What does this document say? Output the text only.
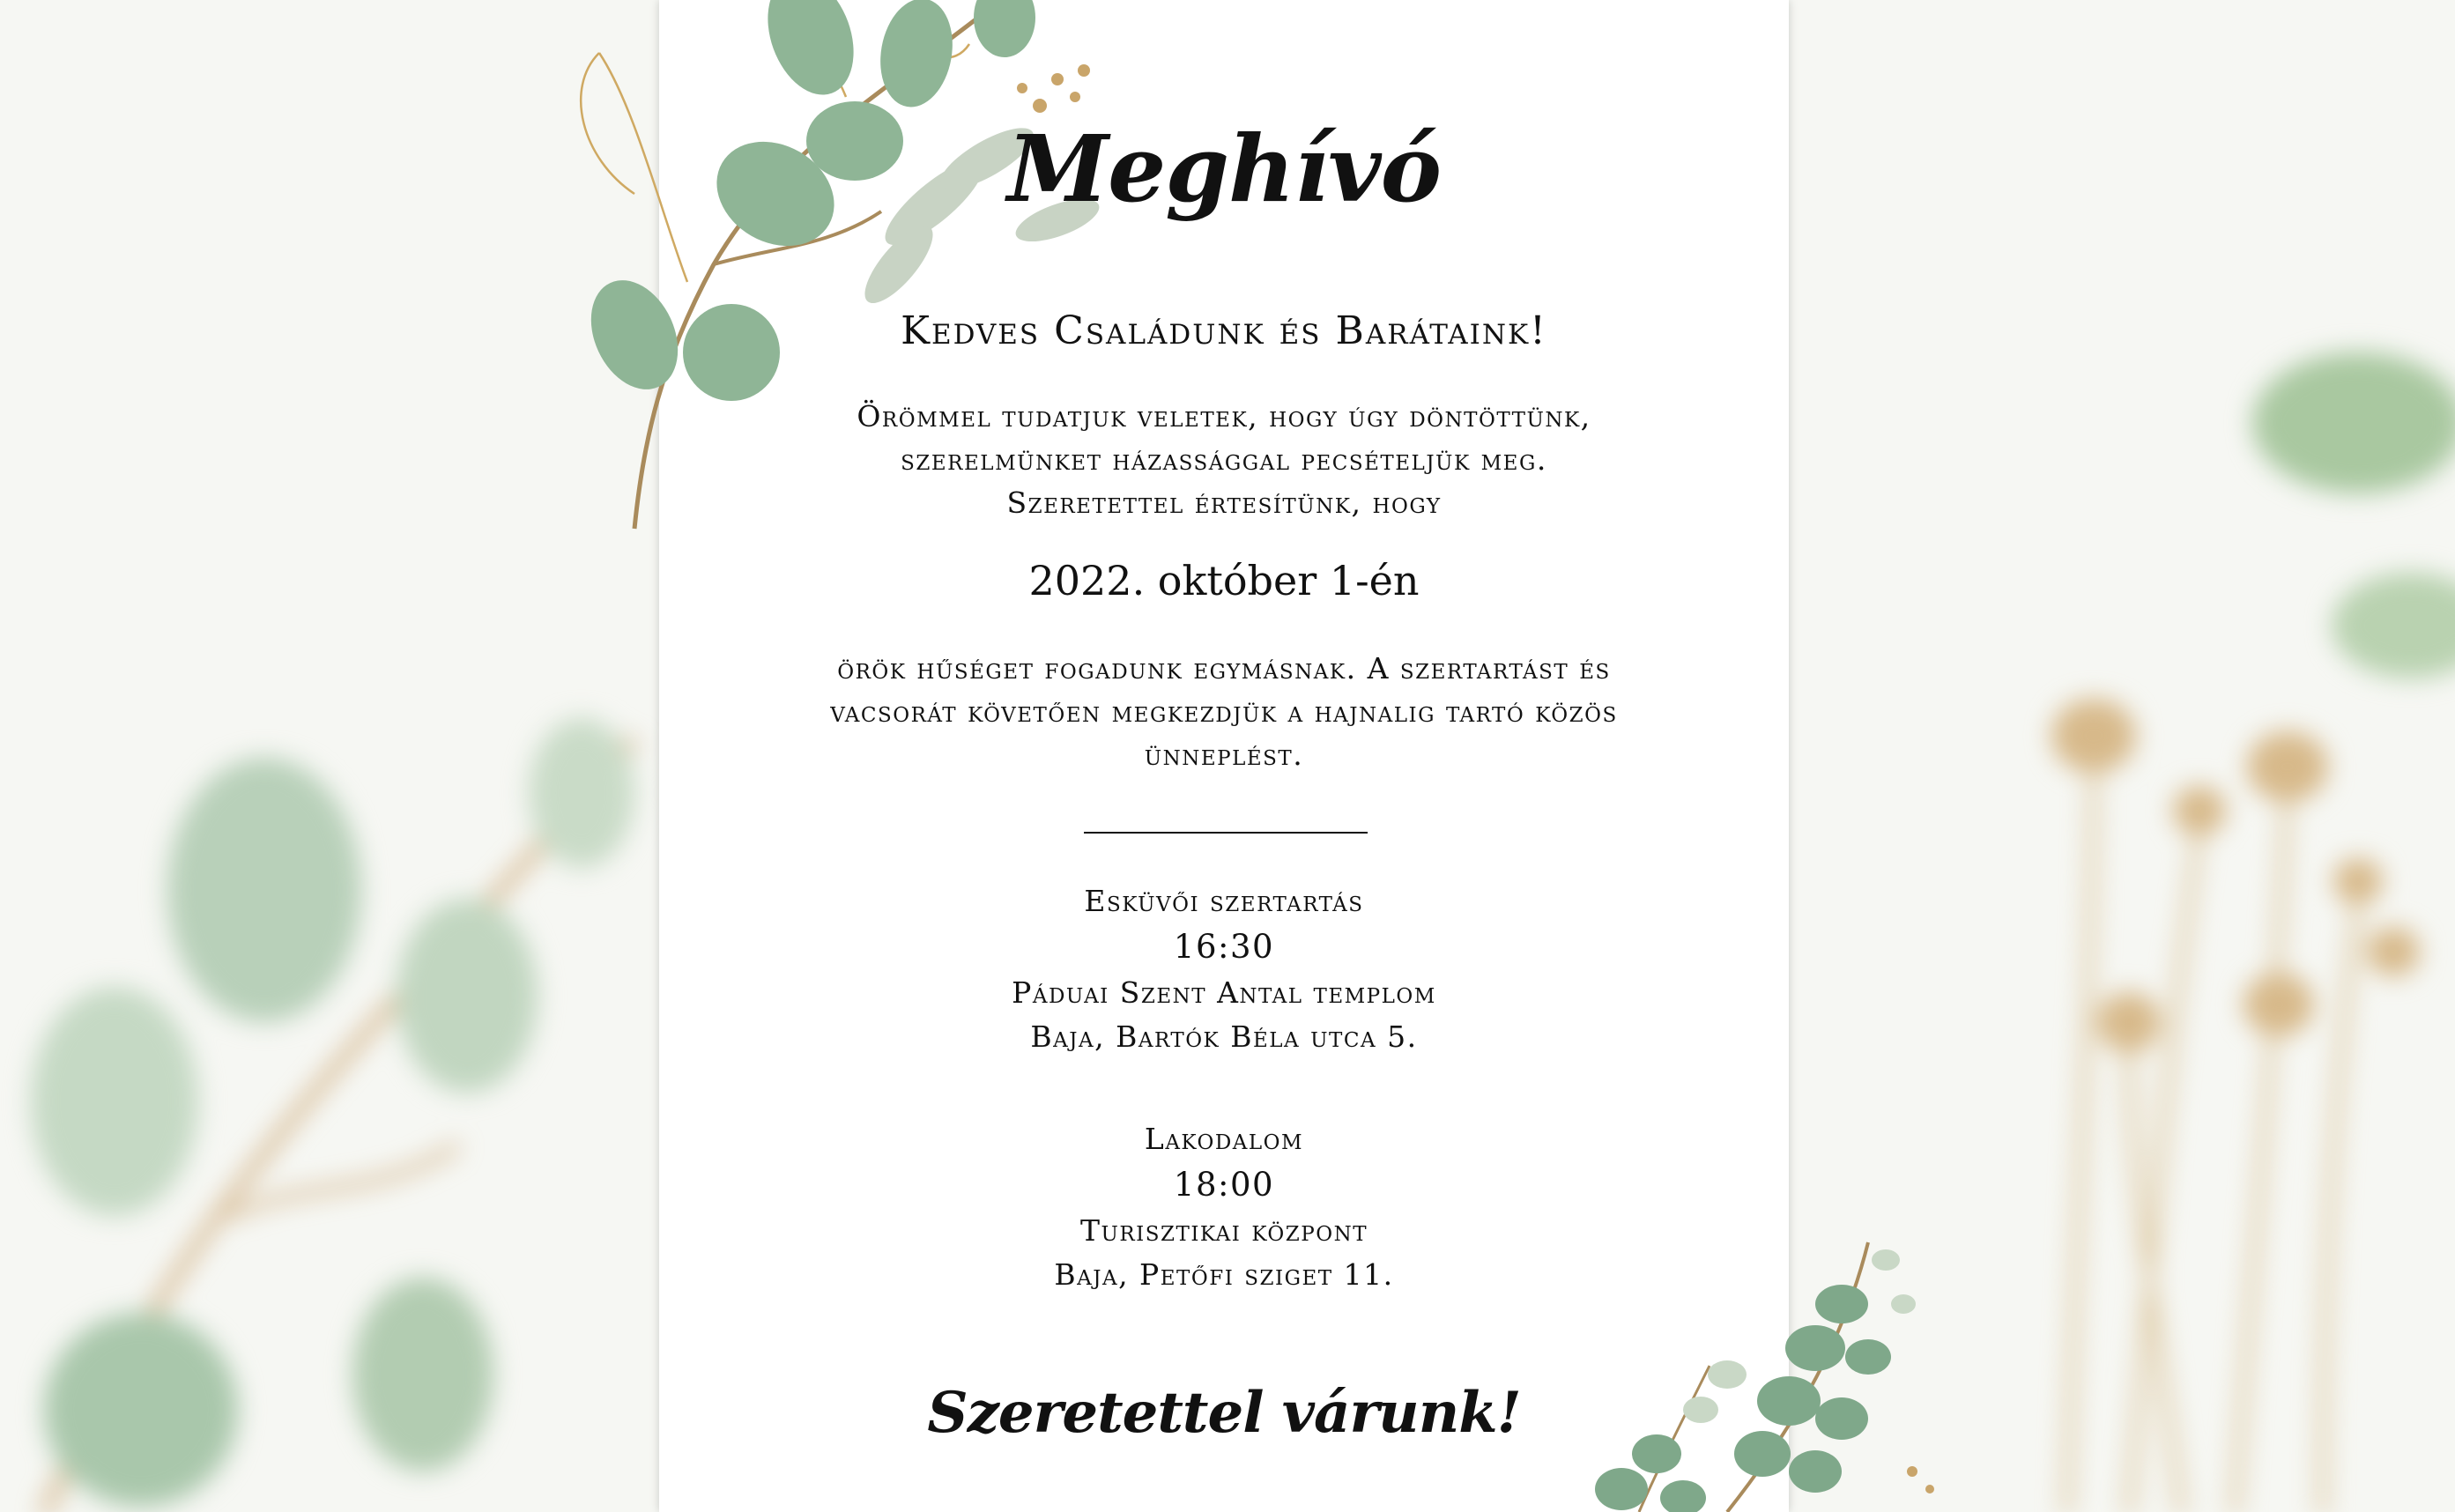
Meghívó
Kedves Családunk és Barátaink!
Örömmel tudatjuk veletek, hogy úgy döntöttünk,
szerelmünket házassággal pecsételjük meg.
Szeretettel értesítünk, hogy
2022. október 1-én
örök hűséget fogadunk egymásnak. A szertartást és
vacsorát követően megkezdjük a hajnalig tartó közös
ünneplést.
Esküvői szertartás
16:30
Páduai Szent Antal templom
Baja, Bartók Béla utca 5.
Lakodalom
18:00
Turisztikai központ
Baja, Petőfi sziget 11.
Szeretettel várunk!
